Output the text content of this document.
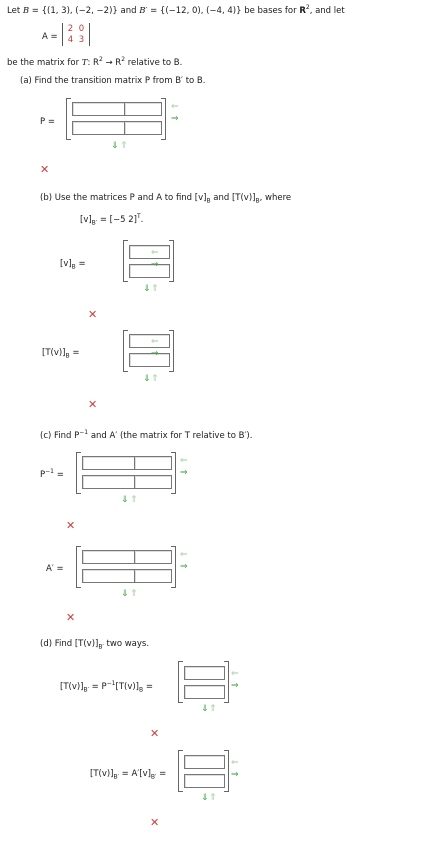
Let B = {(1, 3), (−2, −2)} and B′ = {(−12, 0), (−4, 4)} be bases for $R^2$, and let
A =
2 0
4 3
be the matrix for T: $R^2 \to R^2$ relative to B.
(a) Find the transition matrix P from B′ to B.
P =
⇐
⇒
⇓ ⇑
✕
(b) Use the matrices P and A to find $[v]_B$ and $[T(v)]_B$, where
$[v]_{B'} = [-5$ 2]$^T$.
$[v]_B$ =
⇐
⇒
⇓ ⇑
✕
$[T(v)]_B$ =
⇐
⇒
⇓ ⇑
✕
(c) Find $P^{-1}$ and A′ (the matrix for T relative to B′).
$P^{-1}$ =
⇐
⇒
⇓ ⇑
✕
A′ =
⇐
⇒
⇓ ⇑
✕
(d) Find $[T(v)]_{B'}$ two ways.
$[T(v)]_{B'} = P^{-1}[T(v)]_B$ =
⇐
⇒
⇓ ⇑
✕
$[T(v)]_{B'} = A'[v]_{B'}$ =
⇐
⇒
⇓ ⇑
✕
